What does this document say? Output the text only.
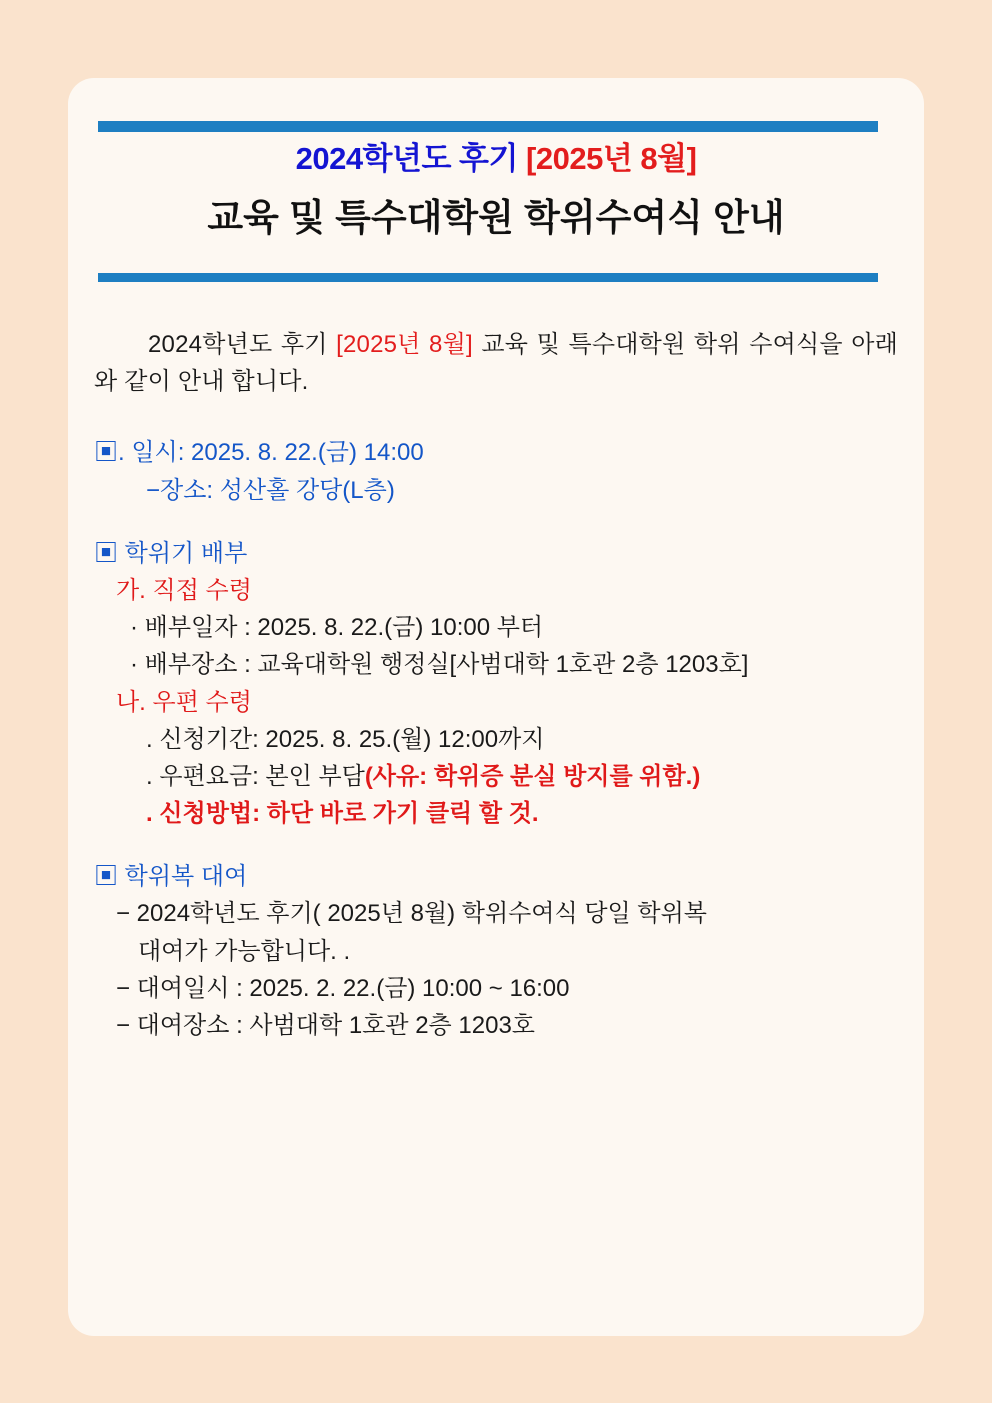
2024학년도 후기 [2025년 8월]
교육 및 특수대학원 학위수여식 안내
2024학년도 후기 [2025년 8월] 교육 및 특수대학원 학위 수여식을 아래와 같이 안내 합니다.
▣. 일시: 2025. 8. 22.(금) 14:00
−장소: 성산홀 강당(L층)
▣ 학위기 배부
가. 직접 수령
· 배부일자 : 2025. 8. 22.(금) 10:00 부터
· 배부장소 : 교육대학원 행정실[사범대학 1호관 2층 1203호]
나. 우편 수령
. 신청기간: 2025. 8. 25.(월) 12:00까지
. 우편요금: 본인 부담(사유: 학위증 분실 방지를 위함.)
. 신청방법: 하단 바로 가기 클릭 할 것.
▣ 학위복 대여
− 2024학년도 후기( 2025년 8월) 학위수여식 당일 학위복
대여가 가능합니다. .
− 대여일시 : 2025. 2. 22.(금) 10:00 ~ 16:00
− 대여장소 : 사범대학 1호관 2층 1203호
